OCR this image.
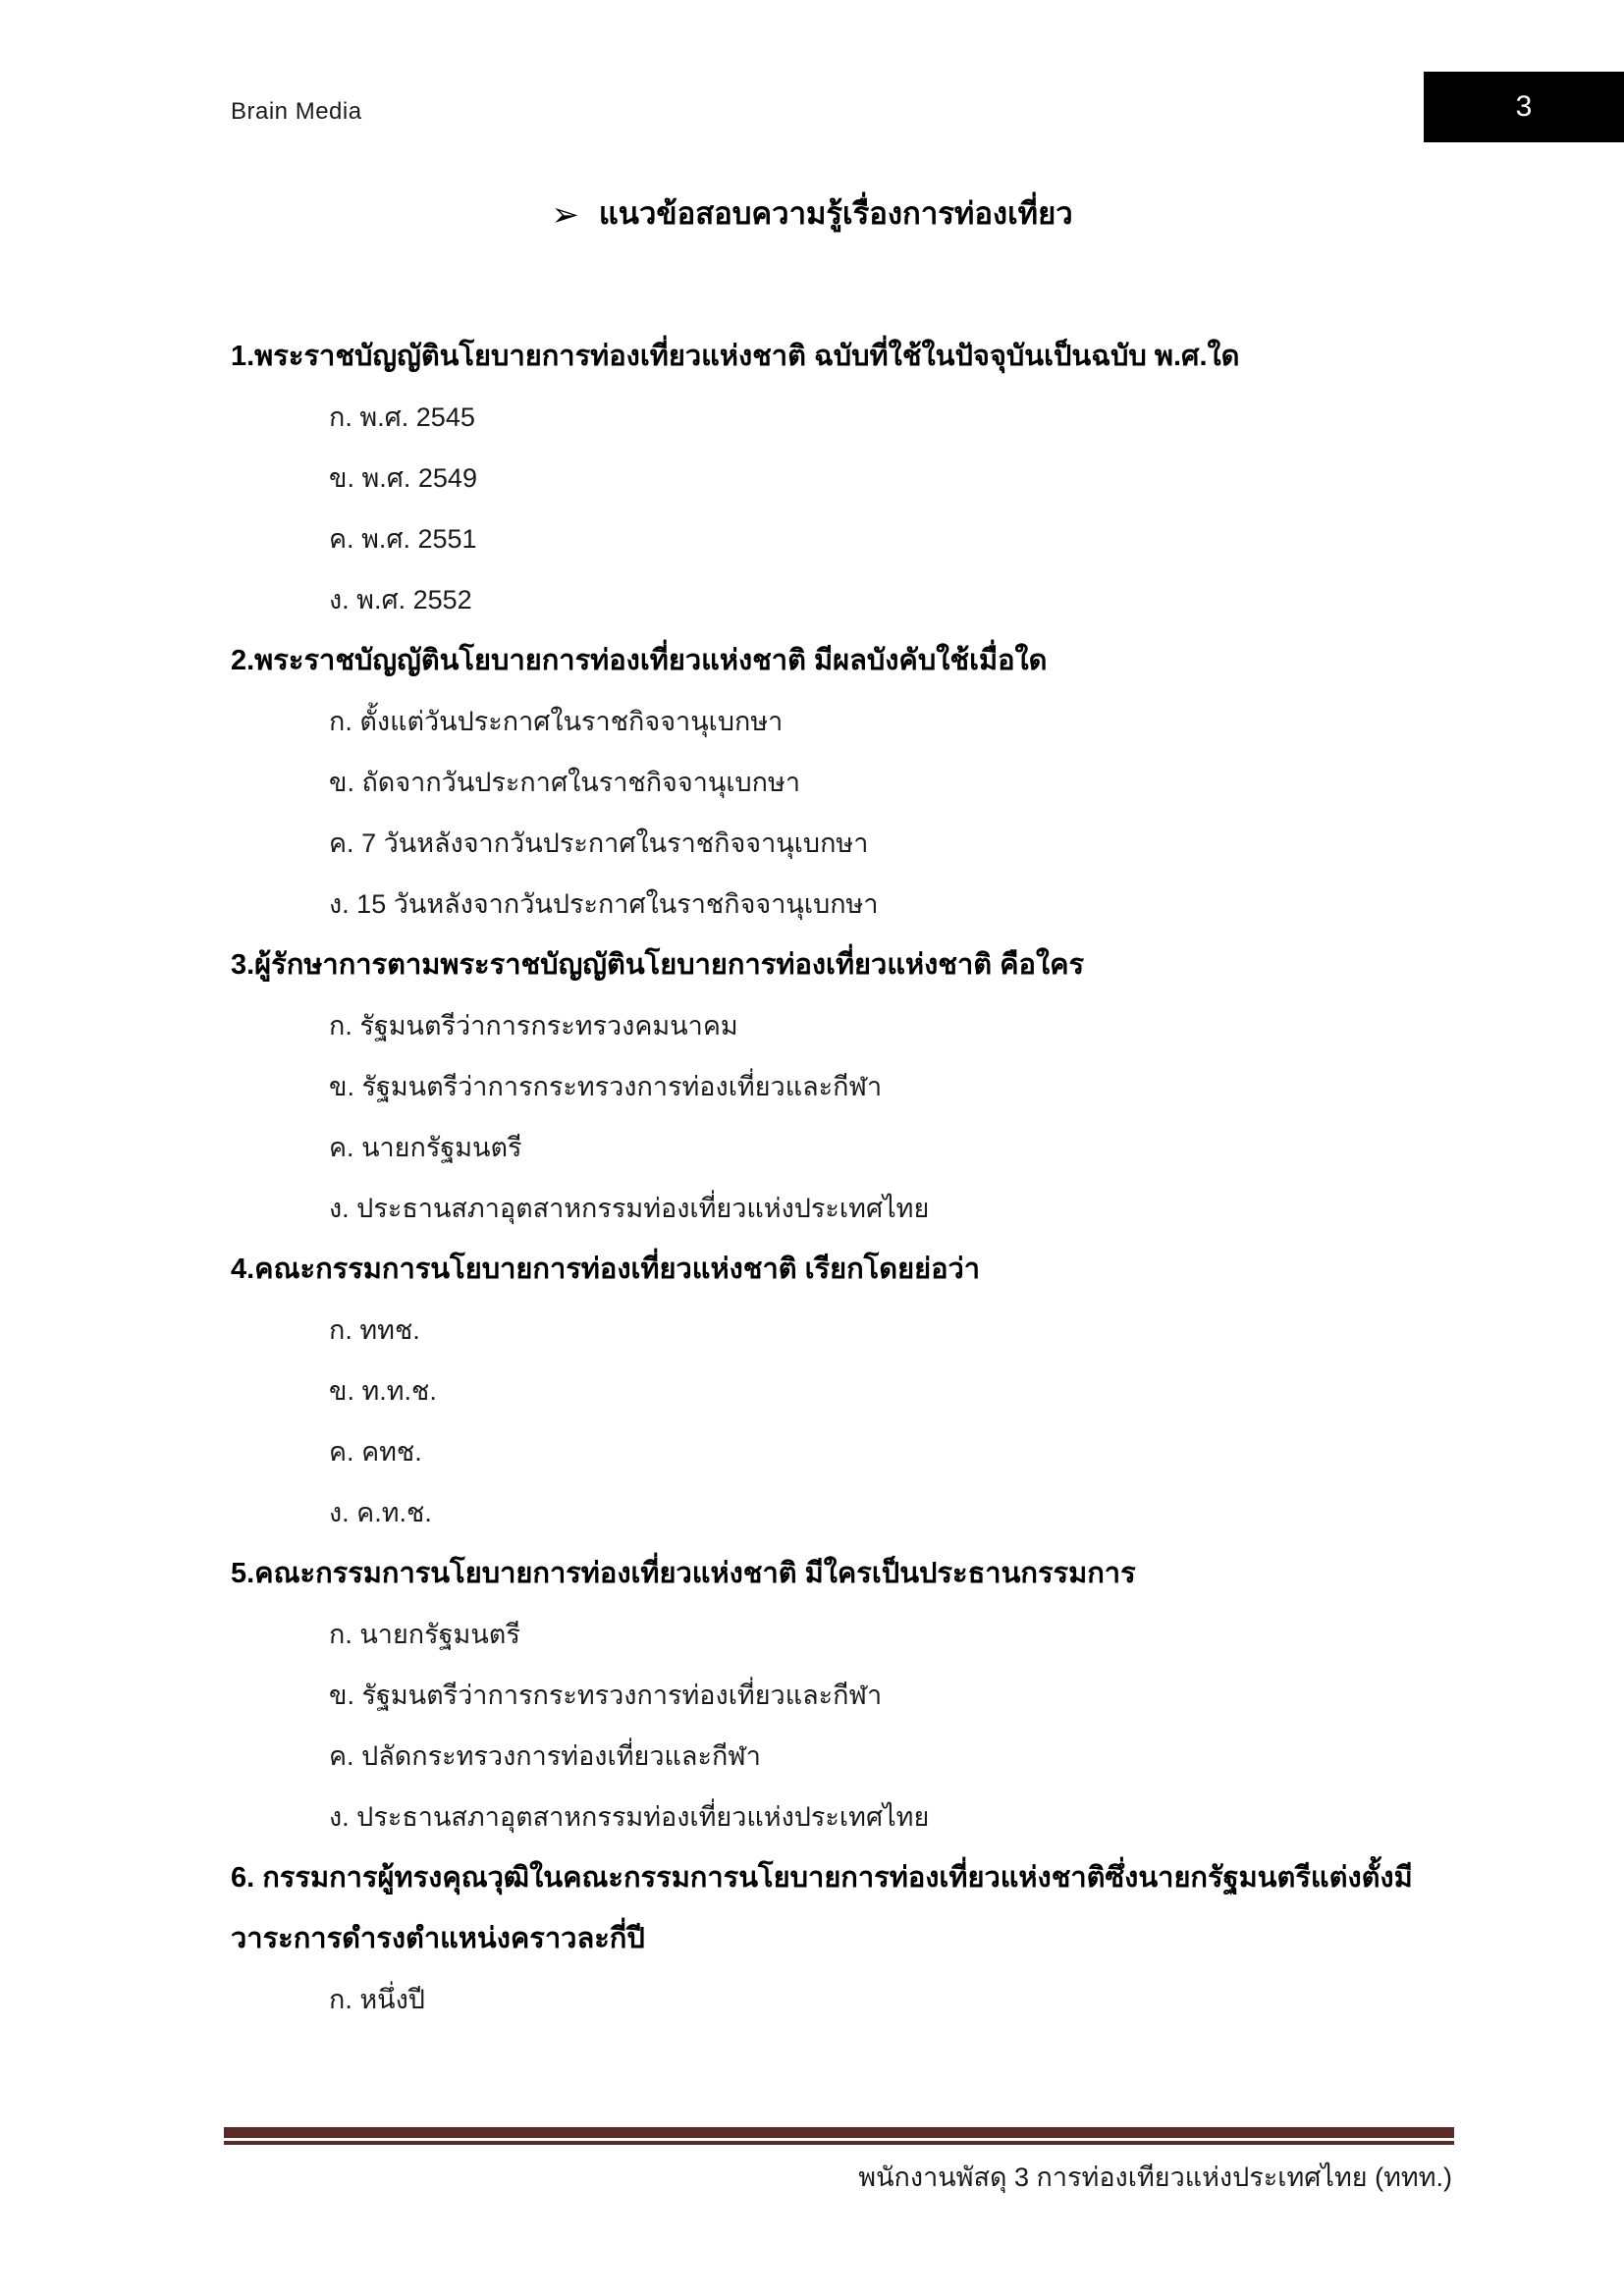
Brain Media	3
➢ แนวข้อสอบความรู้เรื่องการท่องเที่ยว
1.พระราชบัญญัตินโยบายการท่องเที่ยวแห่งชาติ ฉบับที่ใช้ในปัจจุบันเป็นฉบับ พ.ศ.ใด
ก. พ.ศ. 2545
ข. พ.ศ. 2549
ค. พ.ศ. 2551
ง. พ.ศ. 2552
2.พระราชบัญญัตินโยบายการท่องเที่ยวแห่งชาติ มีผลบังคับใช้เมื่อใด
ก. ตั้งแต่วันประกาศในราชกิจจานุเบกษา
ข. ถัดจากวันประกาศในราชกิจจานุเบกษา
ค. 7 วันหลังจากวันประกาศในราชกิจจานุเบกษา
ง. 15 วันหลังจากวันประกาศในราชกิจจานุเบกษา
3.ผู้รักษาการตามพระราชบัญญัตินโยบายการท่องเที่ยวแห่งชาติ คือใคร
ก. รัฐมนตรีว่าการกระทรวงคมนาคม
ข. รัฐมนตรีว่าการกระทรวงการท่องเที่ยวและกีฬา
ค. นายกรัฐมนตรี
ง. ประธานสภาอุตสาหกรรมท่องเที่ยวแห่งประเทศไทย
4.คณะกรรมการนโยบายการท่องเที่ยวแห่งชาติ เรียกโดยย่อว่า
ก. ททช.
ข. ท.ท.ช.
ค. คทช.
ง. ค.ท.ช.
5.คณะกรรมการนโยบายการท่องเที่ยวแห่งชาติ มีใครเป็นประธานกรรมการ
ก. นายกรัฐมนตรี
ข. รัฐมนตรีว่าการกระทรวงการท่องเที่ยวและกีฬา
ค. ปลัดกระทรวงการท่องเที่ยวและกีฬา
ง. ประธานสภาอุตสาหกรรมท่องเที่ยวแห่งประเทศไทย
6. กรรมการผู้ทรงคุณวุฒิในคณะกรรมการนโยบายการท่องเที่ยวแห่งชาติซึ่งนายกรัฐมนตรีแต่งตั้งมี
วาระการดำรงตำแหน่งคราวละกี่ปี
ก. หนึ่งปี
พนักงานพัสดุ 3 การท่องเทียวแห่งประเทศไทย (ททท.)
